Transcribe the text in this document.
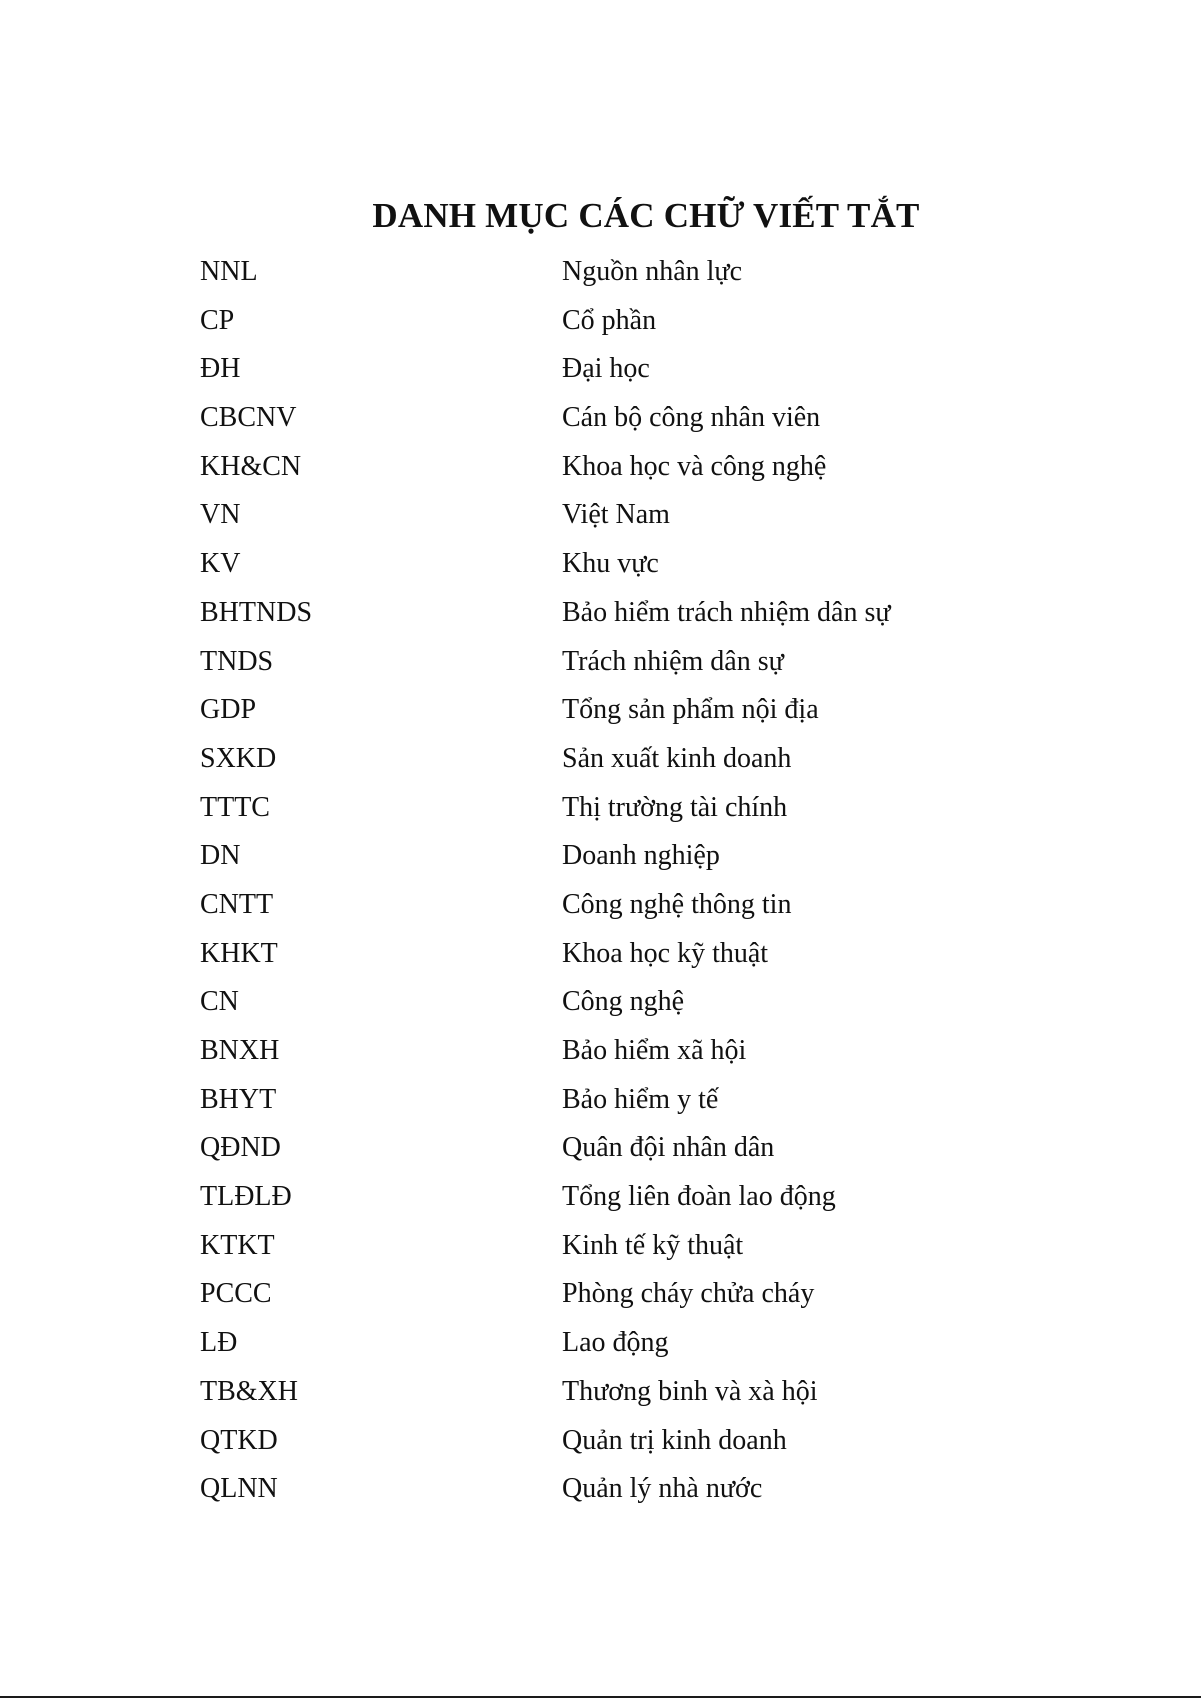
DANH MỤC CÁC CHỮ VIẾT TẮT
NNL	Nguồn nhân lực
CP	Cổ phần
ĐH	Đại học
CBCNV	Cán bộ công nhân viên
KH&CN	Khoa học và công nghệ
VN	Việt Nam
KV	Khu vực
BHTNDS	Bảo hiểm trách nhiệm dân sự
TNDS	Trách nhiệm dân sự
GDP	Tổng sản phẩm nội địa
SXKD	Sản xuất kinh doanh
TTTC	Thị trường tài chính
DN	Doanh nghiệp
CNTT	Công nghệ thông tin
KHKT	Khoa học kỹ thuật
CN	Công nghệ
BNXH	Bảo hiểm xã hội
BHYT	Bảo hiểm y tế
QĐND	Quân đội nhân dân
TLĐLĐ	Tổng liên đoàn lao động
KTKT	Kinh tế kỹ thuật
PCCC	Phòng cháy chửa cháy
LĐ	Lao động
TB&XH	Thương binh và xà hội
QTKD	Quản trị kinh doanh
QLNN	Quản lý nhà nước
